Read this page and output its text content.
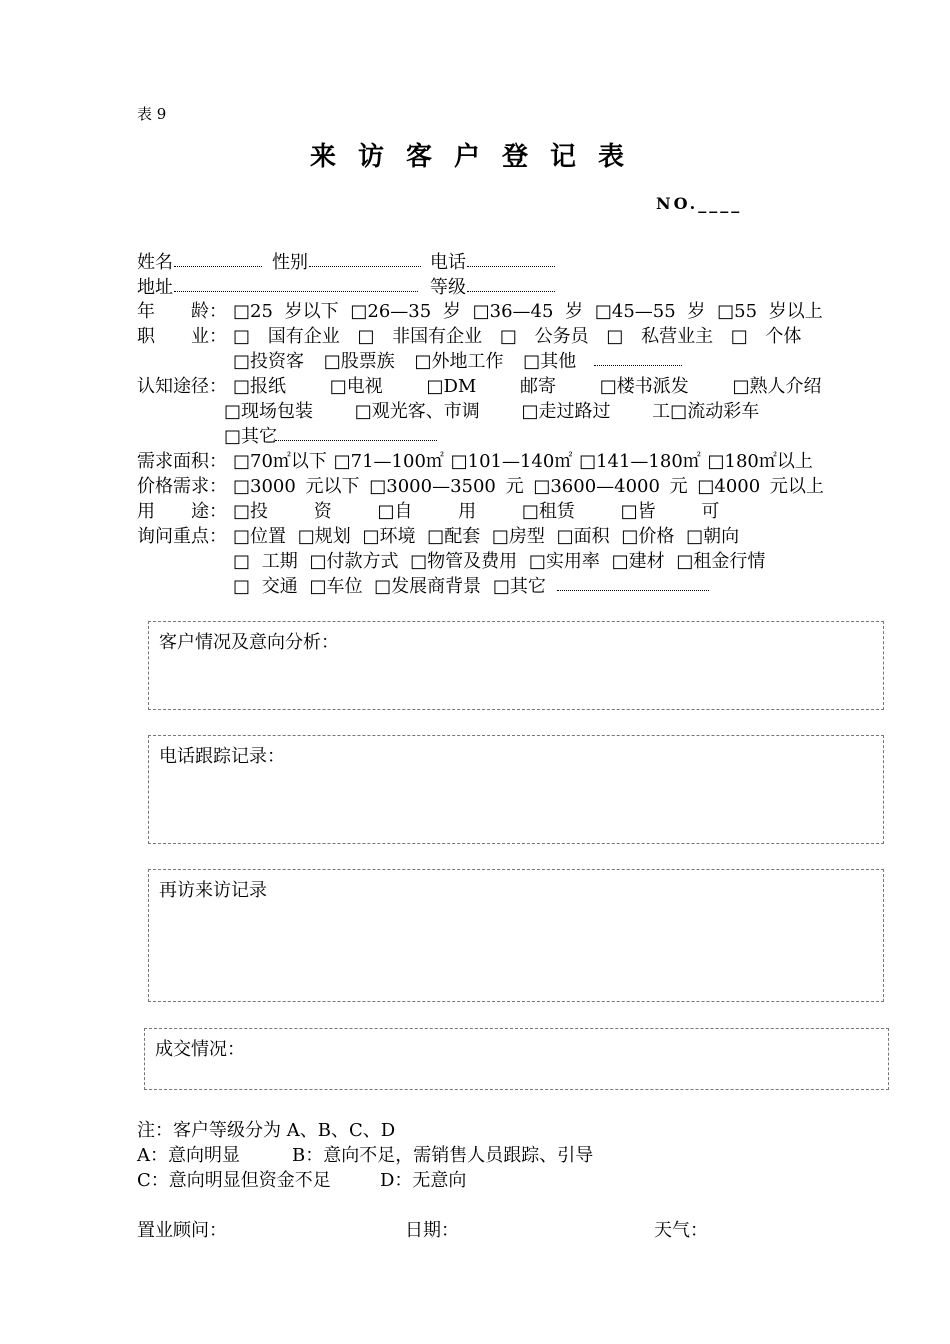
表 9
来访客户登记表
NO.____
姓名	性别	电话
地址	等级
年　　龄： □25 岁以下 □26—35 岁 □36—45 岁 □45—55 岁 □55 岁以上
职　　业： □ 国有企业 □ 非国有企业 □ 公务员 □ 私营业主 □ 个体
□投资客 □股票族 □外地工作 □其他
认知途径： □报纸 □电视 □DM 邮寄 □楼书派发 □熟人介绍
□现场包装 □观光客、市调 □走过路过 工□流动彩车
□其它
需求面积： □70㎡以下 □71—100㎡ □101—140㎡ □141—180㎡ □180㎡以上
价格需求： □3000 元以下 □3000—3500 元 □3600—4000 元 □4000 元以上
用　　途： □投 资 □自 用 □租赁 □皆 可
询问重点： □位置 □规划 □环境 □配套 □房型 □面积 □价格 □朝向
□ 工期 □付款方式 □物管及费用 □实用率 □建材 □租金行情
□ 交通 □车位 □发展商背景 □其它
客户情况及意向分析：
电话跟踪记录：
再访来访记录
成交情况：
注：客户等级分为 A、B、C、D
A：意向明显	B：意向不足，需销售人员跟踪、引导
C：意向明显但资金不足	D：无意向
置业顾问：	日期：	天气：
